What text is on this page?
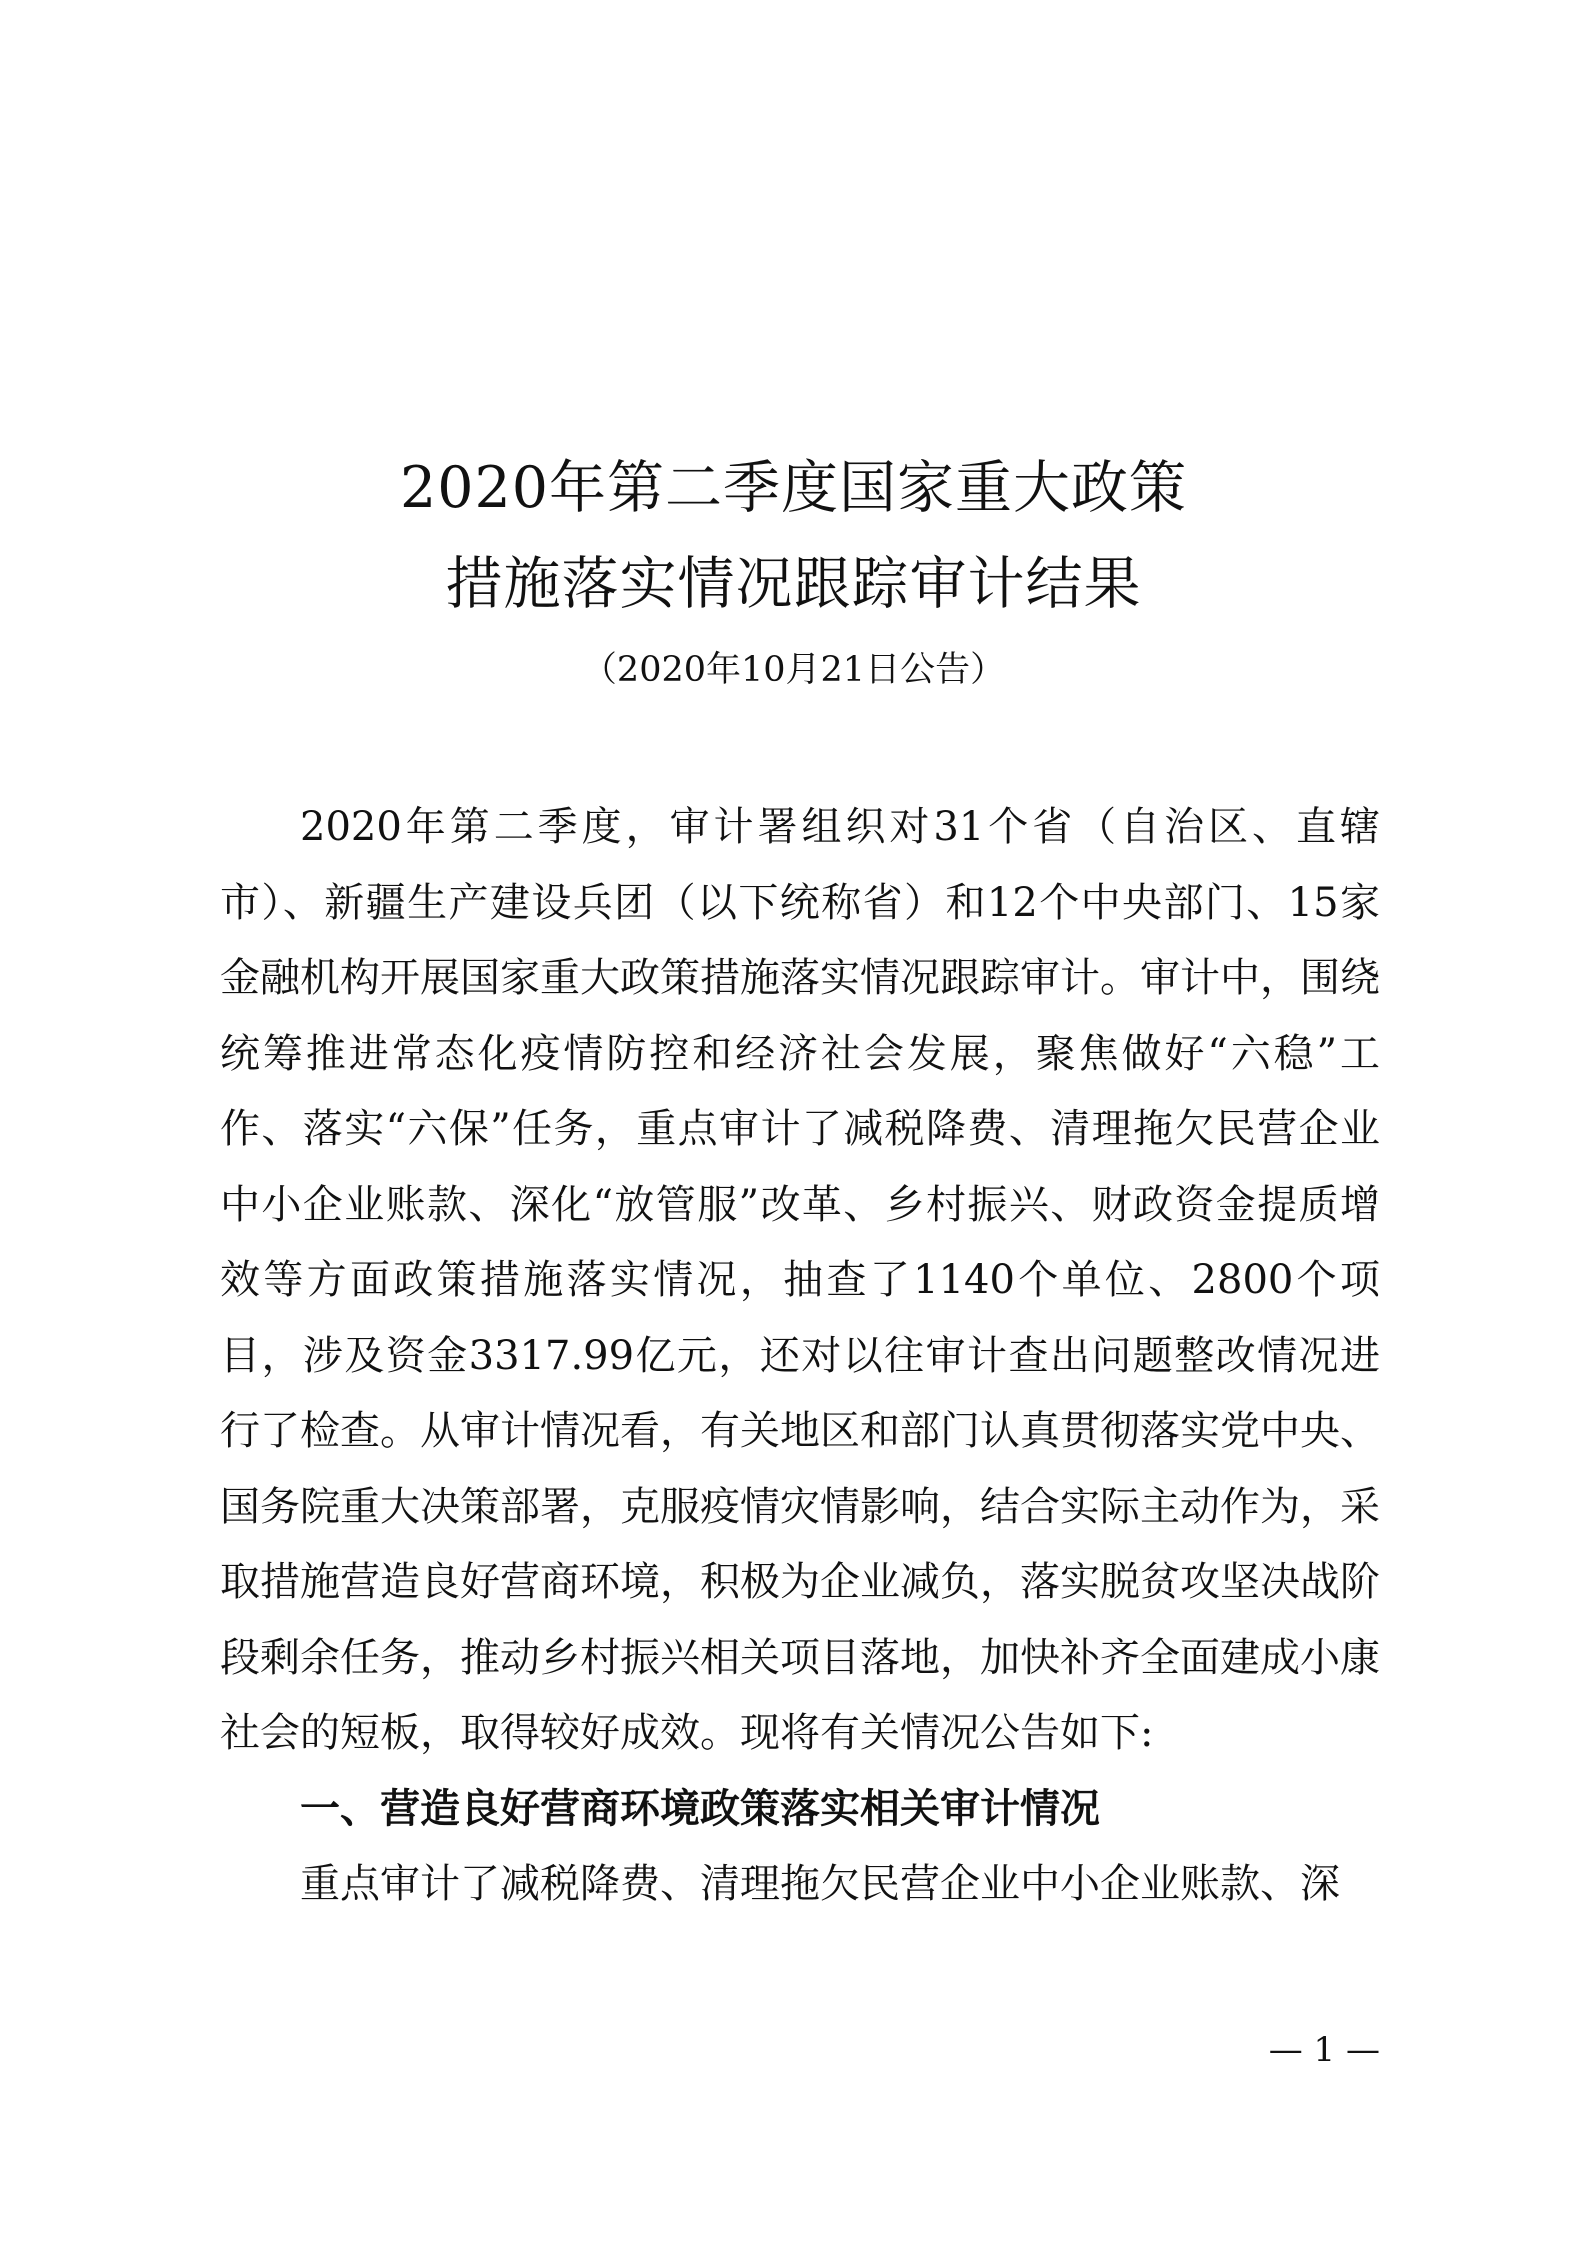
2020年第二季度国家重大政策
措施落实情况跟踪审计结果
（2020年10月21日公告）

2020年第二季度，审计署组织对31个省（自治区、直辖市）、新疆生产建设兵团（以下统称省）和12个中央部门、15家金融机构开展国家重大政策措施落实情况跟踪审计。审计中，围绕统筹推进常态化疫情防控和经济社会发展，聚焦做好“六稳”工作、落实“六保”任务，重点审计了减税降费、清理拖欠民营企业中小企业账款、深化“放管服”改革、乡村振兴、财政资金提质增效等方面政策措施落实情况，抽查了1140个单位、2800个项目，涉及资金3317.99亿元，还对以往审计查出问题整改情况进行了检查。从审计情况看，有关地区和部门认真贯彻落实党中央、国务院重大决策部署，克服疫情灾情影响，结合实际主动作为，采取措施营造良好营商环境，积极为企业减负，落实脱贫攻坚决战阶段剩余任务，推动乡村振兴相关项目落地，加快补齐全面建成小康社会的短板，取得较好成效。现将有关情况公告如下:

一、营造良好营商环境政策落实相关审计情况

重点审计了减税降费、清理拖欠民营企业中小企业账款、深

— 1 —
